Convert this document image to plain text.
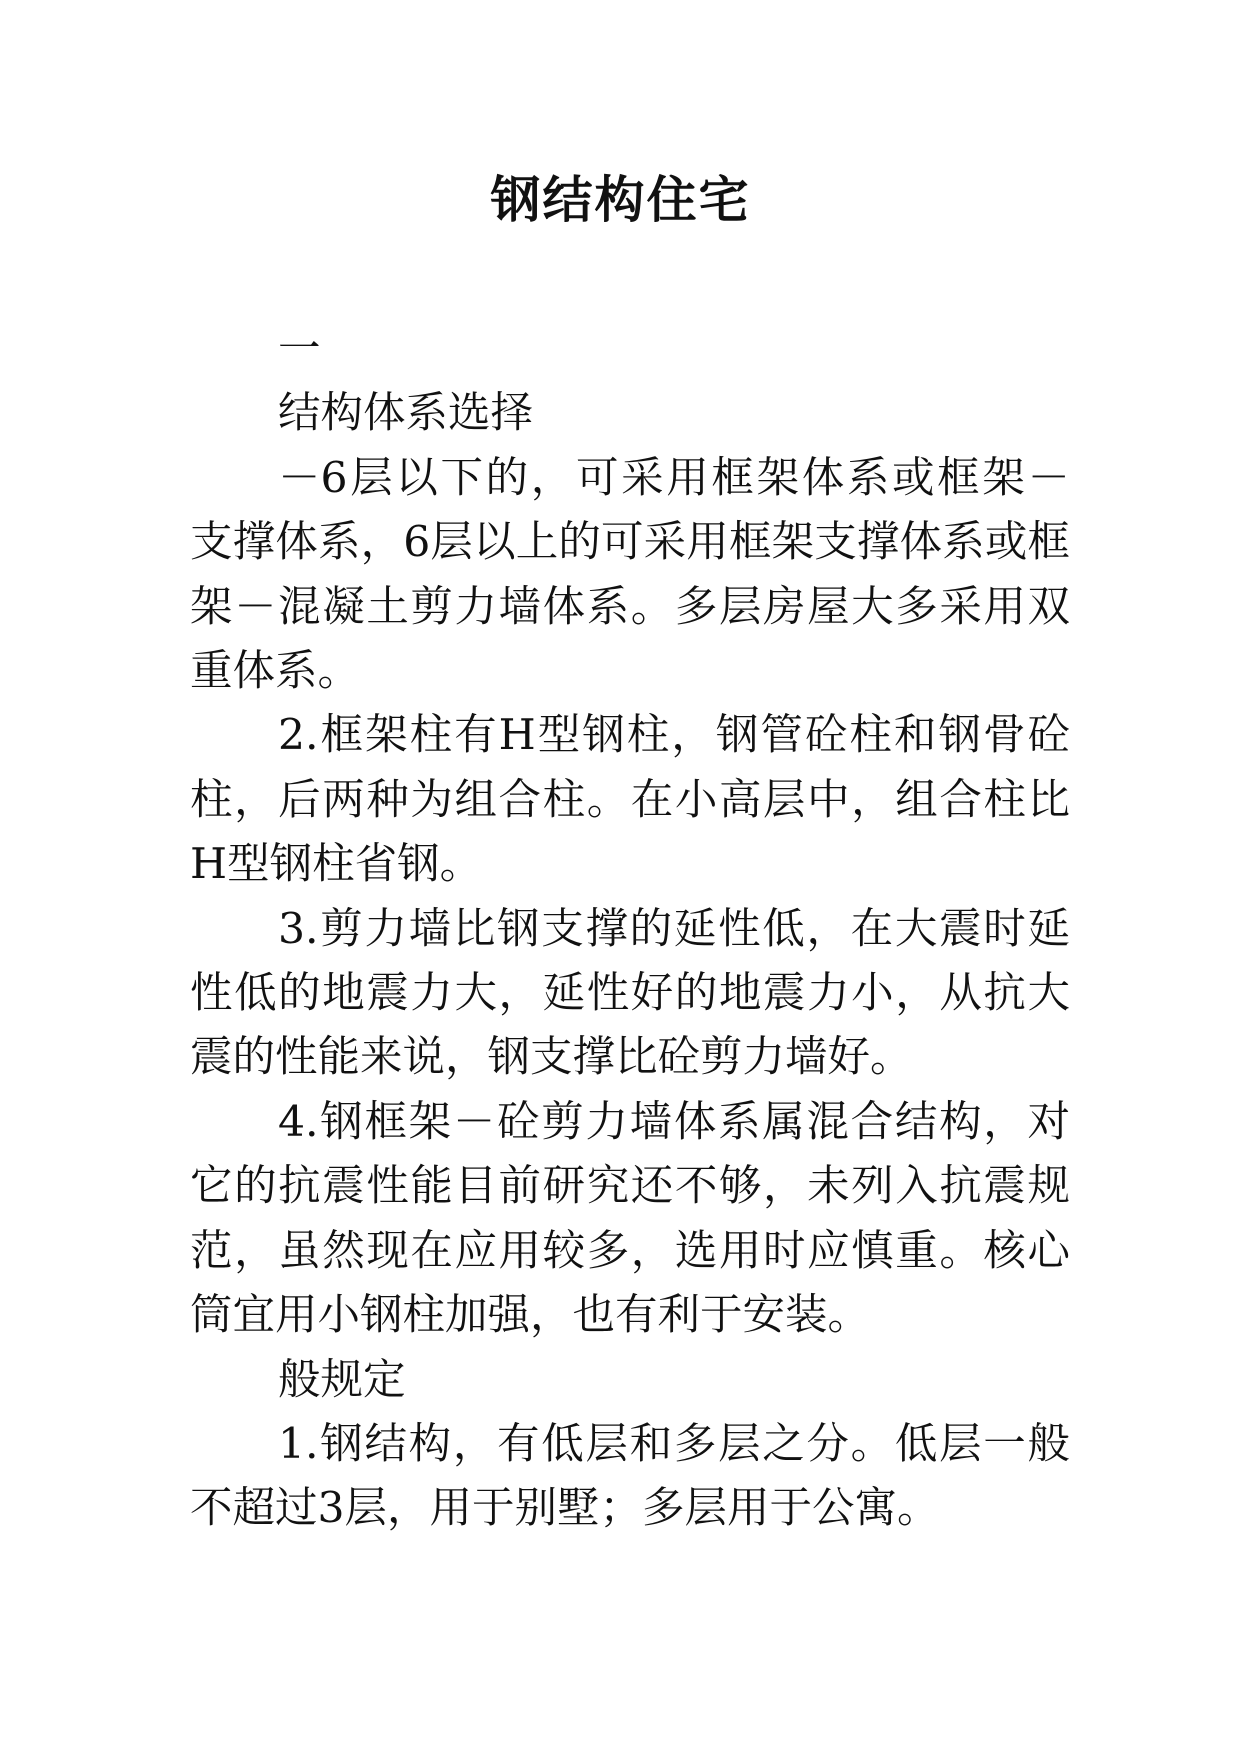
钢结构住宅

一

结构体系选择

－6层以下的，可采用框架体系或框架－支撑体系，6层以上的可采用框架支撑体系或框架－混凝土剪力墙体系。多层房屋大多采用双重体系。

2.框架柱有H型钢柱，钢管砼柱和钢骨砼柱，后两种为组合柱。在小高层中，组合柱比H型钢柱省钢。

3.剪力墙比钢支撑的延性低，在大震时延性低的地震力大，延性好的地震力小，从抗大震的性能来说，钢支撑比砼剪力墙好。

4.钢框架－砼剪力墙体系属混合结构，对它的抗震性能目前研究还不够，未列入抗震规范，虽然现在应用较多，选用时应慎重。核心筒宜用小钢柱加强，也有利于安装。

般规定

1.钢结构，有低层和多层之分。低层一般不超过3层，用于别墅；多层用于公寓。
